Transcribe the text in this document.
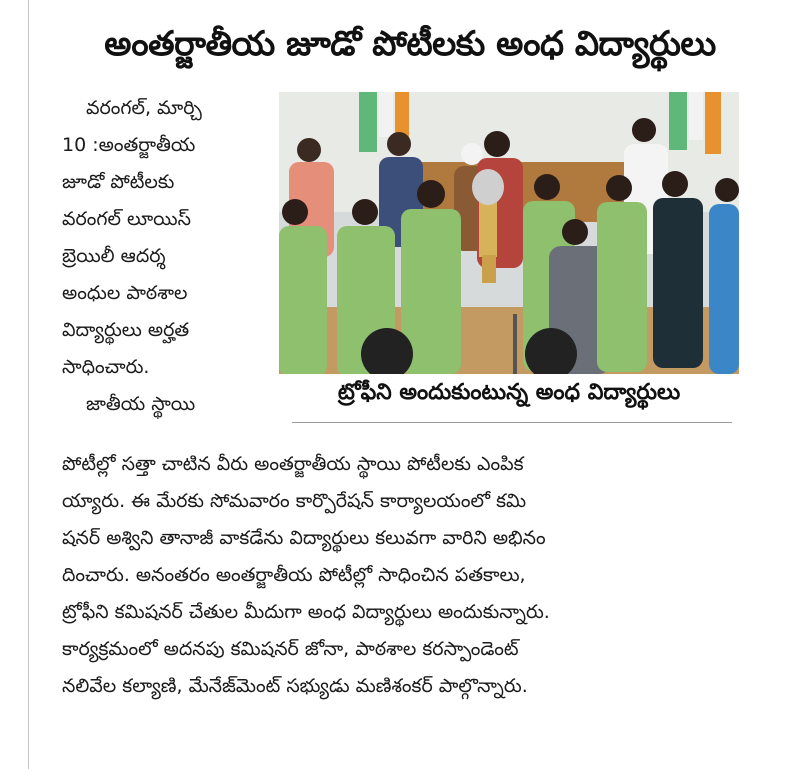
అంతర్జాతీయ జూడో పోటీలకు అంధ విద్యార్థులు
వరంగల్, మార్చి
10 :అంతర్జాతీయ
జూడో పోటీలకు
వరంగల్ లూయిస్
బ్రెయిలీ ఆదర్శ
అంధుల పాఠశాల
విద్యార్థులు అర్హత
సాధించారు.
జాతీయ స్థాయి	ట్రోఫీని అందుకుంటున్న అంధ విద్యార్థులు
పోటీల్లో సత్తా చాటిన వీరు అంతర్జాతీయ స్థాయి పోటీలకు ఎంపిక
య్యారు. ఈ మేరకు సోమవారం కార్పొరేషన్ కార్యాలయంలో కమి
షనర్ అశ్విని తానాజీ వాకడేను విద్యార్థులు కలువగా వారిని అభినం
దించారు. అనంతరం అంతర్జాతీయ పోటీల్లో సాధించిన పతకాలు,
ట్రోఫీని కమిషనర్ చేతుల మీదుగా అంధ విద్యార్థులు అందుకున్నారు.
కార్యక్రమంలో అదనపు కమిషనర్ జోనా, పాఠశాల కరస్పాండెంట్
నలివేల కల్యాణి, మేనేజ్‌మెంట్ సభ్యుడు మణిశంకర్ పాల్గొన్నారు.
